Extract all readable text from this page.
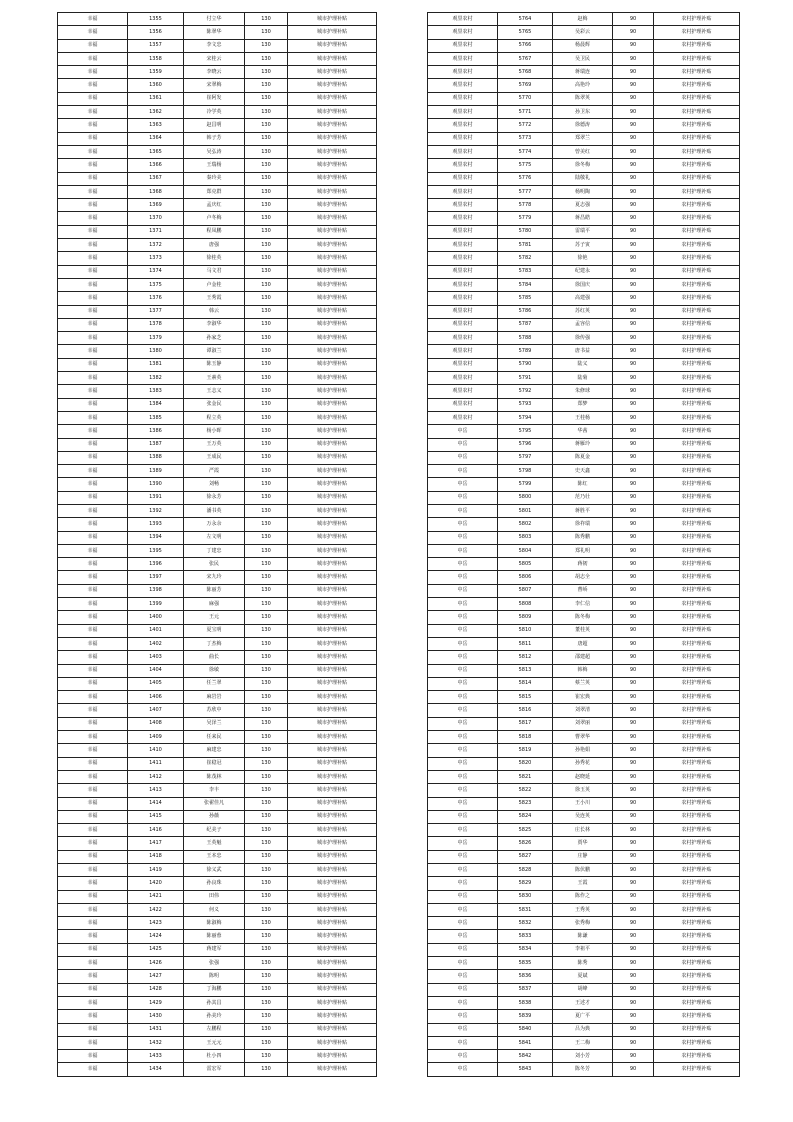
幸福	1355	付立华	130	城市护理补贴
幸福	1356	陈翠华	130	城市护理补贴
幸福	1357	李文忠	130	城市护理补贴
幸福	1358	宋桂云	130	城市护理补贴
幸福	1359	李晓云	130	城市护理补贴
幸福	1360	宋翠梅	130	城市护理补贴
幸福	1361	崔阿发	130	城市护理补贴
幸福	1362	冷学英	130	城市护理补贴
幸福	1363	赵昌明	130	城市护理补贴
幸福	1364	韩子芳	130	城市护理补贴
幸福	1365	吴弘涛	130	城市护理补贴
幸福	1366	王瑞杨	130	城市护理补贴
幸福	1367	秦玲美	130	城市护理补贴
幸福	1368	郑克群	130	城市护理补贴
幸福	1369	孟庆红	130	城市护理补贴
幸福	1370	卢冬梅	130	城市护理补贴
幸福	1371	程凤鹏	130	城市护理补贴
幸福	1372	唐强	130	城市护理补贴
幸福	1373	徐桂英	130	城市护理补贴
幸福	1374	马文君	130	城市护理补贴
幸福	1375	卢金桂	130	城市护理补贴
幸福	1376	王秀霞	130	城市护理补贴
幸福	1377	韩云	130	城市护理补贴
幸福	1378	李淑华	130	城市护理补贴
幸福	1379	孙家芝	130	城市护理补贴
幸福	1380	谭淑兰	130	城市护理补贴
幸福	1381	陈玉静	130	城市护理补贴
幸福	1382	王素英	130	城市护理补贴
幸福	1383	王志义	130	城市护理补贴
幸福	1384	张金民	130	城市护理补贴
幸福	1385	程立英	130	城市护理补贴
幸福	1386	杨小晖	130	城市护理补贴
幸福	1387	王万英	130	城市护理补贴
幸福	1388	王成民	130	城市护理补贴
幸福	1389	严霞	130	城市护理补贴
幸福	1390	刘畅	130	城市护理补贴
幸福	1391	徐永芳	130	城市护理补贴
幸福	1392	潘书英	130	城市护理补贴
幸福	1393	万永余	130	城市护理补贴
幸福	1394	左文明	130	城市护理补贴
幸福	1395	丁建忠	130	城市护理补贴
幸福	1396	张民	130	城市护理补贴
幸福	1397	宋九玲	130	城市护理补贴
幸福	1398	陈丽芳	130	城市护理补贴
幸福	1399	麻强	130	城市护理补贴
幸福	1400	王元	130	城市护理补贴
幸福	1401	夏宝明	130	城市护理补贴
幸福	1402	丁杰梅	130	城市护理补贴
幸福	1403	曲长	130	城市护理补贴
幸福	1404	徐敏	130	城市护理补贴
幸福	1405	任兰翠	130	城市护理补贴
幸福	1406	麻岩岩	130	城市护理补贴
幸福	1407	苏欣中	130	城市护理补贴
幸福	1408	吴泽兰	130	城市护理补贴
幸福	1409	任来民	130	城市护理补贴
幸福	1410	麻建忠	130	城市护理补贴
幸福	1411	崔稳冠	130	城市护理补贴
幸福	1412	陈茂林	130	城市护理补贴
幸福	1413	李丰	130	城市护理补贴
幸福	1414	张翟佳凡	130	城市护理补贴
幸福	1415	孙薇	130	城市护理补贴
幸福	1416	纪美子	130	城市护理补贴
幸福	1417	王英魁	130	城市护理补贴
幸福	1418	王本忠	130	城市护理补贴
幸福	1419	徐义武	130	城市护理补贴
幸福	1420	孙良珠	130	城市护理补贴
幸福	1421	田伟	130	城市护理补贴
幸福	1422	何义	130	城市护理补贴
幸福	1423	陈淑梅	130	城市护理补贴
幸福	1424	陈丽蓉	130	城市护理补贴
幸福	1425	蒋建军	130	城市护理补贴
幸福	1426	张强	130	城市护理补贴
幸福	1427	陈明	130	城市护理补贴
幸福	1428	丁海鹏	130	城市护理补贴
幸福	1429	孙其昌	130	城市护理补贴
幸福	1430	孙美玲	130	城市护理补贴
幸福	1431	左鹏程	130	城市护理补贴
幸福	1432	王元元	130	城市护理补贴
幸福	1433	杜小四	130	城市护理补贴
幸福	1434	雷宏军	130	城市护理补贴
观里农村	5764	赵梅	90	农村护理补贴
观里农村	5765	吴彩云	90	农村护理补贴
观里农村	5766	杨晨辉	90	农村护理补贴
观里农村	5767	吴卫民	90	农村护理补贴
观里农村	5768	蒋瑞连	90	农村护理补贴
观里农村	5769	高艳玲	90	农村护理补贴
观里农村	5770	陈翠英	90	农村护理补贴
观里农村	5771	孙卫东	90	农村护理补贴
观里农村	5772	徐德涛	90	农村护理补贴
观里农村	5773	郑翠兰	90	农村护理补贴
观里农村	5774	曾美红	90	农村护理补贴
观里农村	5775	徐冬梅	90	农村护理补贴
观里农村	5776	陆敬礼	90	农村护理补贴
观里农村	5777	杨明陶	90	农村护理补贴
观里农村	5778	夏志强	90	农村护理补贴
观里农村	5779	蒋昌皓	90	农村护理补贴
观里农村	5780	雷瑞平	90	农村护理补贴
观里农村	5781	苏子寅	90	农村护理补贴
观里农村	5782	徐艳	90	农村护理补贴
观里农村	5783	纪建永	90	农村护理补贴
观里农村	5784	徐国庆	90	农村护理补贴
观里农村	5785	高建强	90	农村护理补贴
观里农村	5786	苏红英	90	农村护理补贴
观里农村	5787	孟容信	90	农村护理补贴
观里农村	5788	徐传强	90	农村护理补贴
观里农村	5789	唐书益	90	农村护理补贴
观里农村	5790	陆义	90	农村护理补贴
观里农村	5791	陆菊	90	农村护理补贴
观里农村	5792	朱修球	90	农村护理补贴
观里农村	5793	郑梦	90	农村护理补贴
观里农村	5794	王桂杨	90	农村护理补贴
中岳	5795	华茜	90	农村护理补贴
中岳	5796	蒋雁玲	90	农村护理补贴
中岳	5797	陈夏金	90	农村护理补贴
中岳	5798	史天鑫	90	农村护理补贴
中岳	5799	陈红	90	农村护理补贴
中岳	5800	范乃壮	90	农村护理补贴
中岳	5801	蒋胜平	90	农村护理补贴
中岳	5802	徐祚瑞	90	农村护理补贴
中岳	5803	陈秀鹏	90	农村护理补贴
中岳	5804	郑礼明	90	农村护理补贴
中岳	5805	蒋韧	90	农村护理补贴
中岳	5806	胡志全	90	农村护理补贴
中岳	5807	曹峤	90	农村护理补贴
中岳	5808	李仁信	90	农村护理补贴
中岳	5809	陈冬梅	90	农村护理补贴
中岳	5810	董桂英	90	农村护理补贴
中岳	5811	唐超	90	农村护理补贴
中岳	5812	邵建超	90	农村护理补贴
中岳	5813	韩梅	90	农村护理补贴
中岳	5814	蔡兰英	90	农村护理补贴
中岳	5815	崔宏典	90	农村护理补贴
中岳	5816	刘翠清	90	农村护理补贴
中岳	5817	刘翠丽	90	农村护理补贴
中岳	5818	曹翠华	90	农村护理补贴
中岳	5819	孙艳娟	90	农村护理补贴
中岳	5820	孙秀花	90	农村护理补贴
中岳	5821	赵晓延	90	农村护理补贴
中岳	5822	徐玉英	90	农村护理补贴
中岳	5823	王小川	90	农村护理补贴
中岳	5824	吴连英	90	农村护理补贴
中岳	5825	庄长林	90	农村护理补贴
中岳	5826	贾华	90	农村护理补贴
中岳	5827	庄静	90	农村护理补贴
中岳	5828	陈伏鹏	90	农村护理补贴
中岳	5829	王霞	90	农村护理补贴
中岳	5830	陈作之	90	农村护理补贴
中岳	5831	王秀英	90	农村护理补贴
中岳	5832	张秀梅	90	农村护理补贴
中岳	5833	陈谦	90	农村护理补贴
中岳	5834	李祖平	90	农村护理补贴
中岳	5835	陈秀	90	农村护理补贴
中岳	5836	夏斌	90	农村护理补贴
中岳	5837	胡峰	90	农村护理补贴
中岳	5838	王述才	90	农村护理补贴
中岳	5839	夏广平	90	农村护理补贴
中岳	5840	吕为典	90	农村护理补贴
中岳	5841	王二梅	90	农村护理补贴
中岳	5842	刘小芳	90	农村护理补贴
中岳	5843	陈冬芳	90	农村护理补贴
